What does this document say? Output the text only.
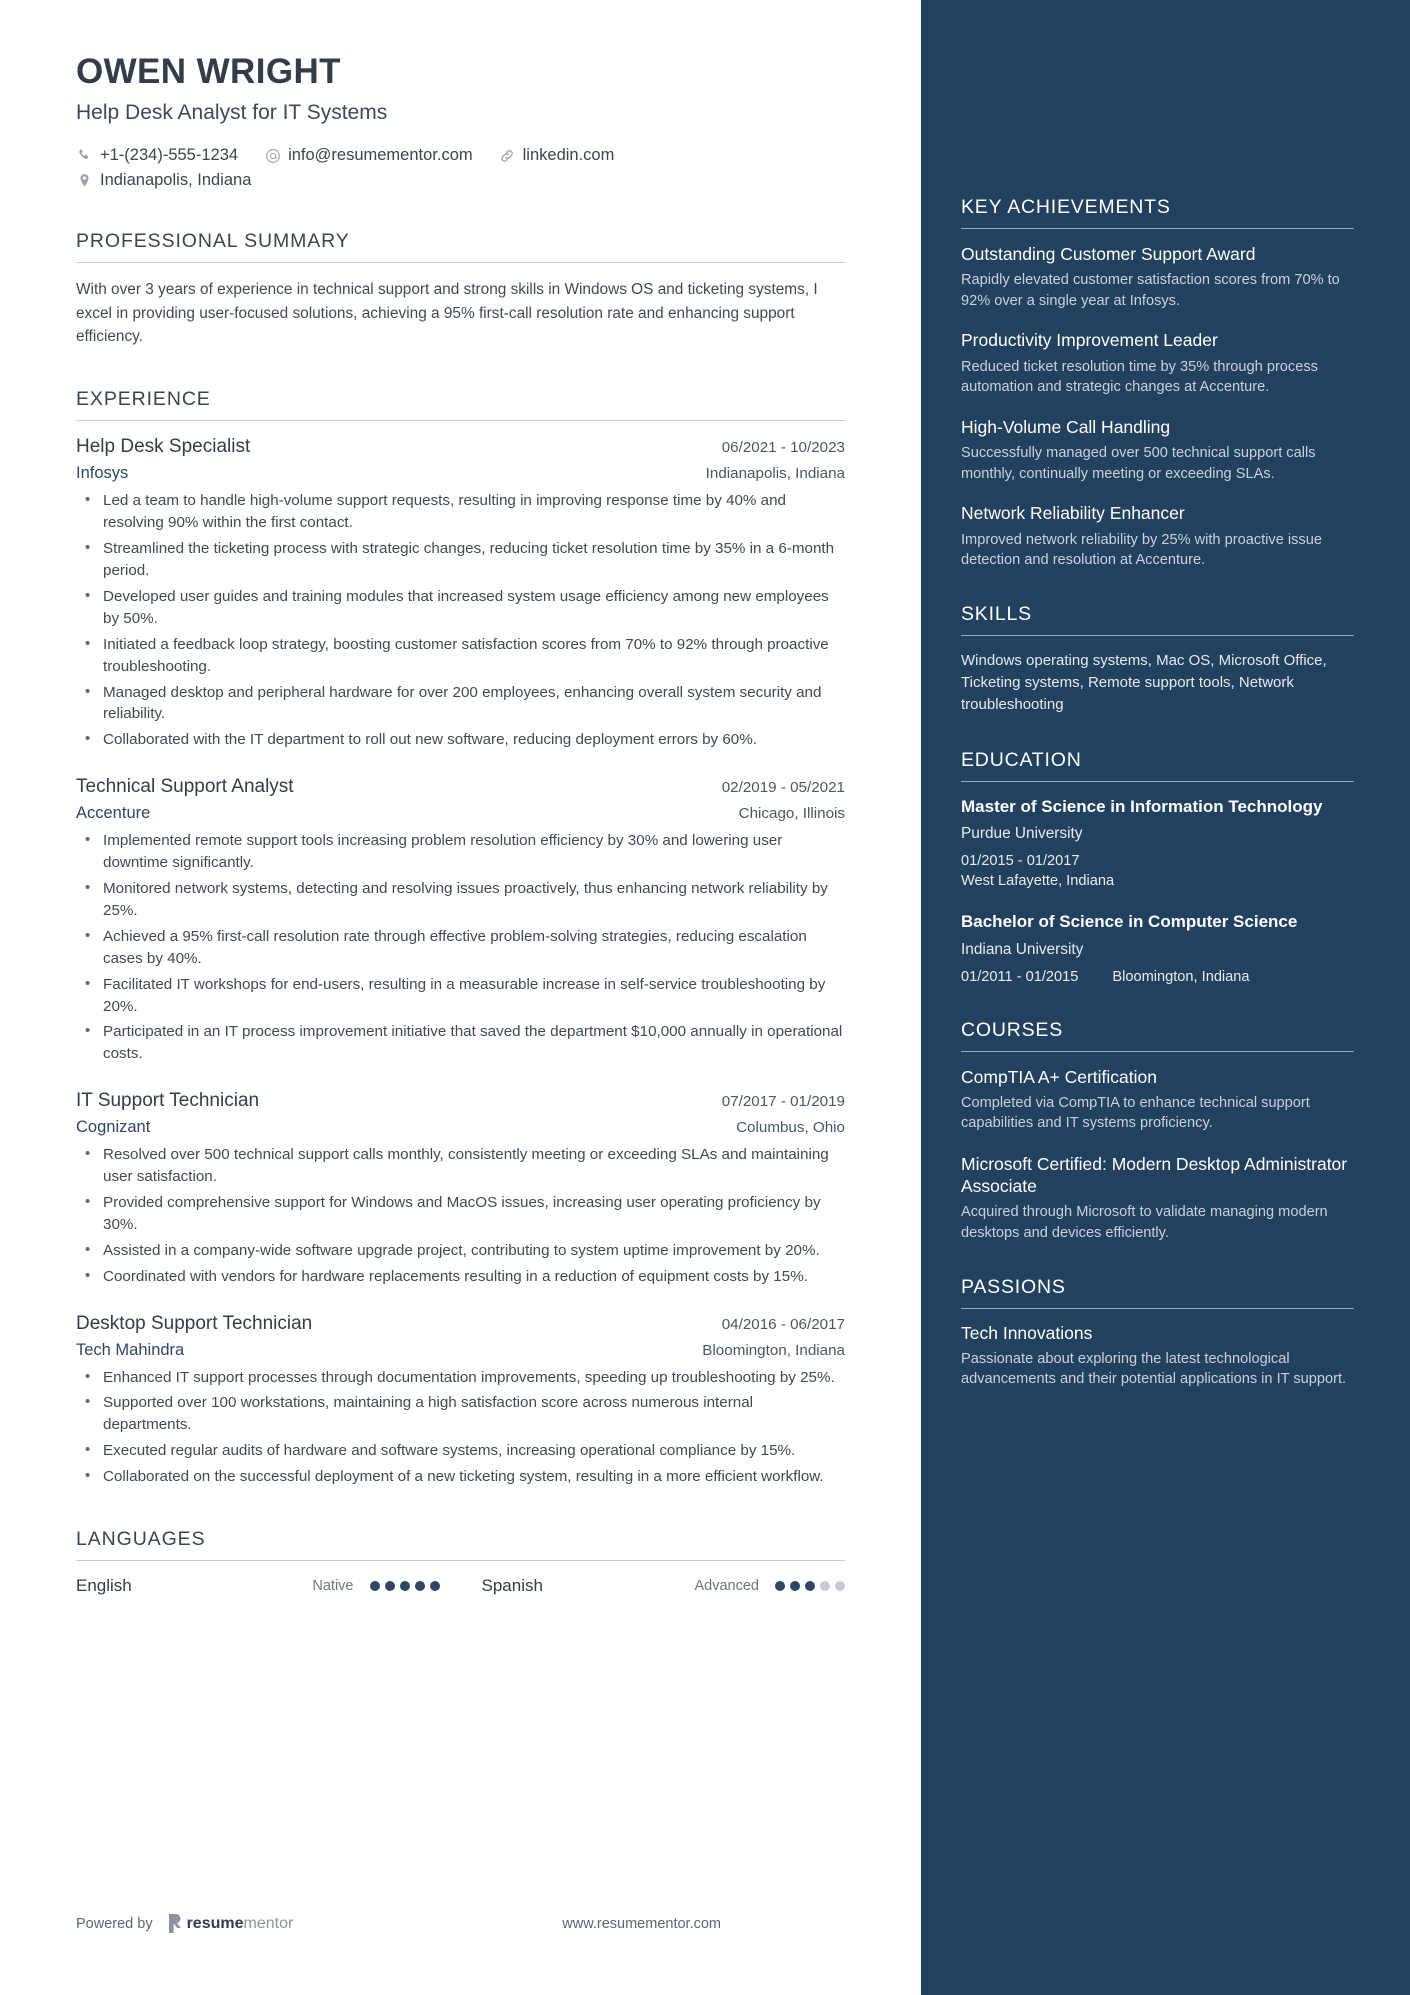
OWEN WRIGHT
Help Desk Analyst for IT Systems
+1-(234)-555-1234	info@resumementor.com	linkedin.com
Indianapolis, Indiana
PROFESSIONAL SUMMARY
With over 3 years of experience in technical support and strong skills in Windows OS and ticketing systems, I excel in providing user-focused solutions, achieving a 95% first-call resolution rate and enhancing support efficiency.
EXPERIENCE
Help Desk Specialist	06/2021 - 10/2023
Infosys	Indianapolis, Indiana
• Led a team to handle high-volume support requests, resulting in improving response time by 40% and resolving 90% within the first contact.
• Streamlined the ticketing process with strategic changes, reducing ticket resolution time by 35% in a 6-month period.
• Developed user guides and training modules that increased system usage efficiency among new employees by 50%.
• Initiated a feedback loop strategy, boosting customer satisfaction scores from 70% to 92% through proactive troubleshooting.
• Managed desktop and peripheral hardware for over 200 employees, enhancing overall system security and reliability.
• Collaborated with the IT department to roll out new software, reducing deployment errors by 60%.
Technical Support Analyst	02/2019 - 05/2021
Accenture	Chicago, Illinois
• Implemented remote support tools increasing problem resolution efficiency by 30% and lowering user downtime significantly.
• Monitored network systems, detecting and resolving issues proactively, thus enhancing network reliability by 25%.
• Achieved a 95% first-call resolution rate through effective problem-solving strategies, reducing escalation cases by 40%.
• Facilitated IT workshops for end-users, resulting in a measurable increase in self-service troubleshooting by 20%.
• Participated in an IT process improvement initiative that saved the department $10,000 annually in operational costs.
IT Support Technician	07/2017 - 01/2019
Cognizant	Columbus, Ohio
• Resolved over 500 technical support calls monthly, consistently meeting or exceeding SLAs and maintaining user satisfaction.
• Provided comprehensive support for Windows and MacOS issues, increasing user operating proficiency by 30%.
• Assisted in a company-wide software upgrade project, contributing to system uptime improvement by 20%.
• Coordinated with vendors for hardware replacements resulting in a reduction of equipment costs by 15%.
Desktop Support Technician	04/2016 - 06/2017
Tech Mahindra	Bloomington, Indiana
• Enhanced IT support processes through documentation improvements, speeding up troubleshooting by 25%.
• Supported over 100 workstations, maintaining a high satisfaction score across numerous internal departments.
• Executed regular audits of hardware and software systems, increasing operational compliance by 15%.
• Collaborated on the successful deployment of a new ticketing system, resulting in a more efficient workflow.
LANGUAGES
English	Native	Spanish	Advanced
Powered by resumementor	www.resumementor.com
KEY ACHIEVEMENTS
Outstanding Customer Support Award
Rapidly elevated customer satisfaction scores from 70% to 92% over a single year at Infosys.
Productivity Improvement Leader
Reduced ticket resolution time by 35% through process automation and strategic changes at Accenture.
High-Volume Call Handling
Successfully managed over 500 technical support calls monthly, continually meeting or exceeding SLAs.
Network Reliability Enhancer
Improved network reliability by 25% with proactive issue detection and resolution at Accenture.
SKILLS
Windows operating systems, Mac OS, Microsoft Office, Ticketing systems, Remote support tools, Network troubleshooting
EDUCATION
Master of Science in Information Technology
Purdue University
01/2015 - 01/2017
West Lafayette, Indiana
Bachelor of Science in Computer Science
Indiana University
01/2011 - 01/2015 Bloomington, Indiana
COURSES
CompTIA A+ Certification
Completed via CompTIA to enhance technical support capabilities and IT systems proficiency.
Microsoft Certified: Modern Desktop Administrator Associate
Acquired through Microsoft to validate managing modern desktops and devices efficiently.
PASSIONS
Tech Innovations
Passionate about exploring the latest technological advancements and their potential applications in IT support.
